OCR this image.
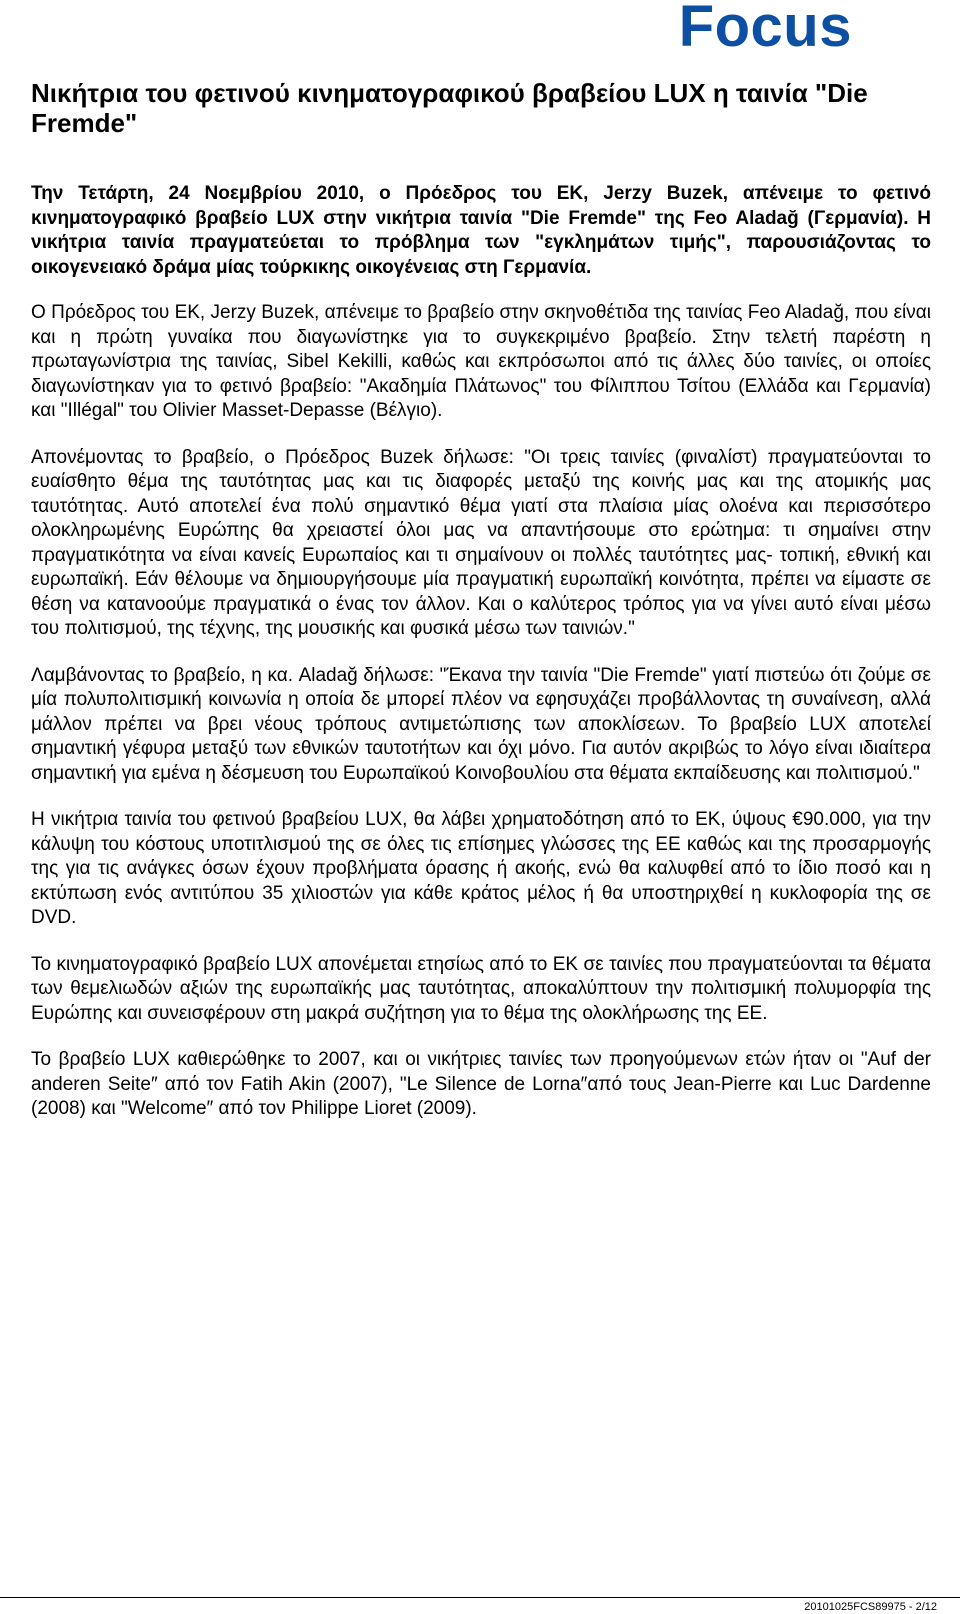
Focus
Νικήτρια του φετινού κινηματογραφικού βραβείου LUX η ταινία "Die Fremde"

Την Τετάρτη, 24 Νοεμβρίου 2010, ο Πρόεδρος του ΕΚ, Jerzy Buzek, απένειμε το φετινό κινηματογραφικό βραβείο LUX στην νικήτρια ταινία "Die Fremde" της Feo Aladağ (Γερμανία). Η νικήτρια ταινία πραγματεύεται το πρόβλημα των "εγκλημάτων τιμής", παρουσιάζοντας το οικογενειακό δράμα μίας τούρκικης οικογένειας στη Γερμανία.

Ο Πρόεδρος του ΕΚ, Jerzy Buzek, απένειμε το βραβείο στην σκηνοθέτιδα της ταινίας Feo Aladağ, που είναι και η πρώτη γυναίκα που διαγωνίστηκε για το συγκεκριμένο βραβείο. Στην τελετή παρέστη η πρωταγωνίστρια της ταινίας, Sibel Kekilli, καθώς και εκπρόσωποι από τις άλλες δύο ταινίες, οι οποίες διαγωνίστηκαν για το φετινό βραβείο: "Ακαδημία Πλάτωνος" του Φίλιππου Τσίτου (Ελλάδα και Γερμανία) και "Illégal" του Olivier Masset-Depasse (Βέλγιο).

Απονέμοντας το βραβείο, ο Πρόεδρος Buzek δήλωσε: "Οι τρεις ταινίες (φιναλίστ) πραγματεύονται το ευαίσθητο θέμα της ταυτότητας μας και τις διαφορές μεταξύ της κοινής μας και της ατομικής μας ταυτότητας. Αυτό αποτελεί ένα πολύ σημαντικό θέμα γιατί στα πλαίσια μίας ολοένα και περισσότερο ολοκληρωμένης Ευρώπης θα χρειαστεί όλοι μας να απαντήσουμε στο ερώτημα: τι σημαίνει στην πραγματικότητα να είναι κανείς Ευρωπαίος και τι σημαίνουν οι πολλές ταυτότητες μας- τοπική, εθνική και ευρωπαϊκή. Εάν θέλουμε να δημιουργήσουμε μία πραγματική ευρωπαϊκή κοινότητα, πρέπει να είμαστε σε θέση να κατανοούμε πραγματικά ο ένας τον άλλον. Και ο καλύτερος τρόπος για να γίνει αυτό είναι μέσω του πολιτισμού, της τέχνης, της μουσικής και φυσικά μέσω των ταινιών."

Λαμβάνοντας το βραβείο, η κα. Aladağ δήλωσε: "Έκανα την ταινία "Die Fremde" γιατί πιστεύω ότι ζούμε σε μία πολυπολιτισμική κοινωνία η οποία δε μπορεί πλέον να εφησυχάζει προβάλλοντας τη συναίνεση, αλλά μάλλον πρέπει να βρει νέους τρόπους αντιμετώπισης των αποκλίσεων. Το βραβείο LUX αποτελεί σημαντική γέφυρα μεταξύ των εθνικών ταυτοτήτων και όχι μόνο. Για αυτόν ακριβώς το λόγο είναι ιδιαίτερα σημαντική για εμένα η δέσμευση του Ευρωπαϊκού Κοινοβουλίου στα θέματα εκπαίδευσης και πολιτισμού."

Η νικήτρια ταινία του φετινού βραβείου LUX, θα λάβει χρηματοδότηση από το ΕΚ, ύψους €90.000, για την κάλυψη του κόστους υποτιτλισμού της σε όλες τις επίσημες γλώσσες της ΕΕ καθώς και της προσαρμογής της για τις ανάγκες όσων έχουν προβλήματα όρασης ή ακοής, ενώ θα καλυφθεί από το ίδιο ποσό και η εκτύπωση ενός αντιτύπου 35 χιλιοστών για κάθε κράτος μέλος ή θα υποστηριχθεί η κυκλοφορία της σε DVD.

Το κινηματογραφικό βραβείο LUX απονέμεται ετησίως από το ΕΚ σε ταινίες που πραγματεύονται τα θέματα των θεμελιωδών αξιών της ευρωπαϊκής μας ταυτότητας, αποκαλύπτουν την πολιτισμική πολυμορφία της Ευρώπης και συνεισφέρουν στη μακρά συζήτηση για το θέμα της ολοκλήρωσης της ΕΕ.

Το βραβείο LUX καθιερώθηκε το 2007, και οι νικήτριες ταινίες των προηγούμενων ετών ήταν οι "Auf der anderen Seite″ από τον Fatih Akin (2007), "Le Silence de Lorna″από τους Jean-Pierre και Luc Dardenne (2008) και "Welcome″ από τον Philippe Lioret (2009).

20101025FCS89975 - 2/12
